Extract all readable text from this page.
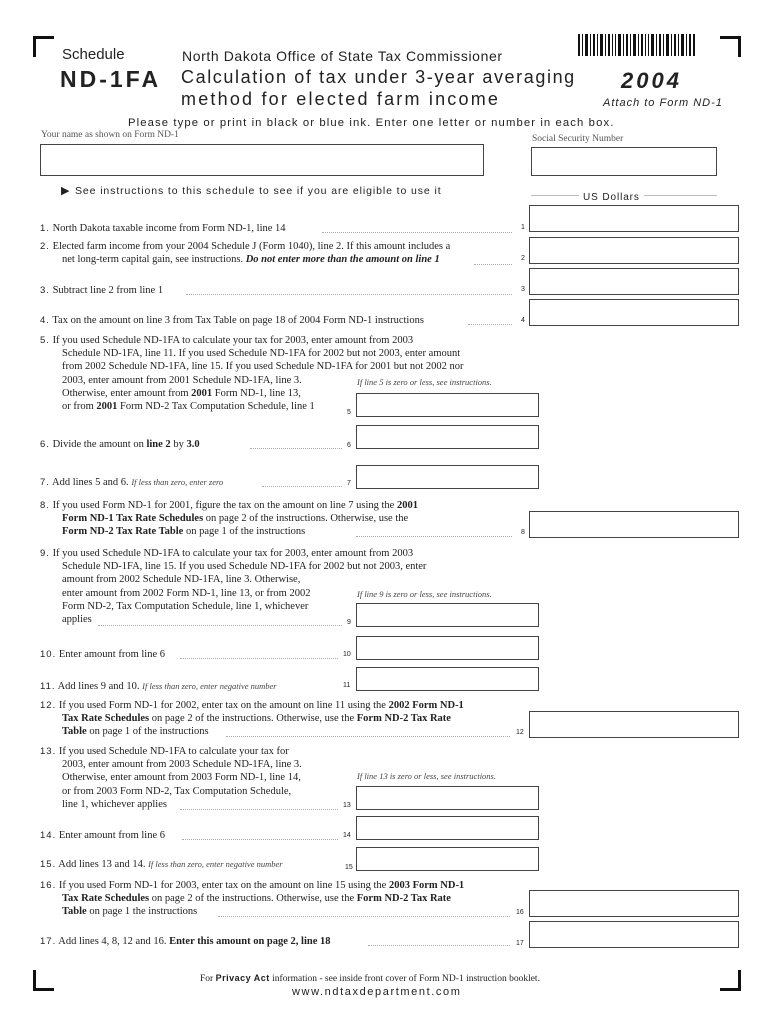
Schedule	North Dakota Office of State Tax Commissioner
ND-1FA Calculation of tax under 3-year averaging
method for elected farm income
2004
Attach to Form ND-1
Please type or print in black or blue ink. Enter one letter or number in each box.
Your name as shown on Form ND-1	Social Security Number
▶ See instructions to this schedule to see if you are eligible to use it
US Dollars
1. North Dakota taxable income from Form ND-1, line 14	1
2. Elected farm income from your 2004 Schedule J (Form 1040), line 2. If this amount includes a
net long-term capital gain, see instructions. Do not enter more than the amount on line 1	2
3. Subtract line 2 from line 1	3
4. Tax on the amount on line 3 from Tax Table on page 18 of 2004 Form ND-1 instructions	4
5. If you used Schedule ND-1FA to calculate your tax for 2003, enter amount from 2003
Schedule ND-1FA, line 11. If you used Schedule ND-1FA for 2002 but not 2003, enter amount
from 2002 Schedule ND-1FA, line 15. If you used Schedule ND-1FA for 2001 but not 2002 nor
2003, enter amount from 2001 Schedule ND-1FA, line 3.
Otherwise, enter amount from 2001 Form ND-1, line 13,
or from 2001 Form ND-2 Tax Computation Schedule, line 1
If line 5 is zero or less, see instructions.
5
6. Divide the amount on line 2 by 3.0	6
7. Add lines 5 and 6. If less than zero, enter zero	7
8. If you used Form ND-1 for 2001, figure the tax on the amount on line 7 using the 2001
Form ND-1 Tax Rate Schedules on page 2 of the instructions. Otherwise, use the
Form ND-2 Tax Rate Table on page 1 of the instructions	8
9. If you used Schedule ND-1FA to calculate your tax for 2003, enter amount from 2003
Schedule ND-1FA, line 15. If you used Schedule ND-1FA for 2002 but not 2003, enter
amount from 2002 Schedule ND-1FA, line 3. Otherwise,
enter amount from 2002 Form ND-1, line 13, or from 2002
Form ND-2, Tax Computation Schedule, line 1, whichever
applies
If line 9 is zero or less, see instructions.
9
10. Enter amount from line 6	10
11. Add lines 9 and 10. If less than zero, enter negative number	11
12. If you used Form ND-1 for 2002, enter tax on the amount on line 11 using the 2002 Form ND-1
Tax Rate Schedules on page 2 of the instructions. Otherwise, use the Form ND-2 Tax Rate
Table on page 1 of the instructions	12
13. If you used Schedule ND-1FA to calculate your tax for
2003, enter amount from 2003 Schedule ND-1FA, line 3.
Otherwise, enter amount from 2003 Form ND-1, line 14,
or from 2003 Form ND-2, Tax Computation Schedule,
line 1, whichever applies
If line 13 is zero or less, see instructions.
13
14. Enter amount from line 6	14
15. Add lines 13 and 14. If less than zero, enter negative number	15
16. If you used Form ND-1 for 2003, enter tax on the amount on line 15 using the 2003 Form ND-1
Tax Rate Schedules on page 2 of the instructions. Otherwise, use the Form ND-2 Tax Rate
Table on page 1 the instructions	16
17. Add lines 4, 8, 12 and 16. Enter this amount on page 2, line 18	17
For Privacy Act information - see inside front cover of Form ND-1 instruction booklet.
www.ndtaxdepartment.com
